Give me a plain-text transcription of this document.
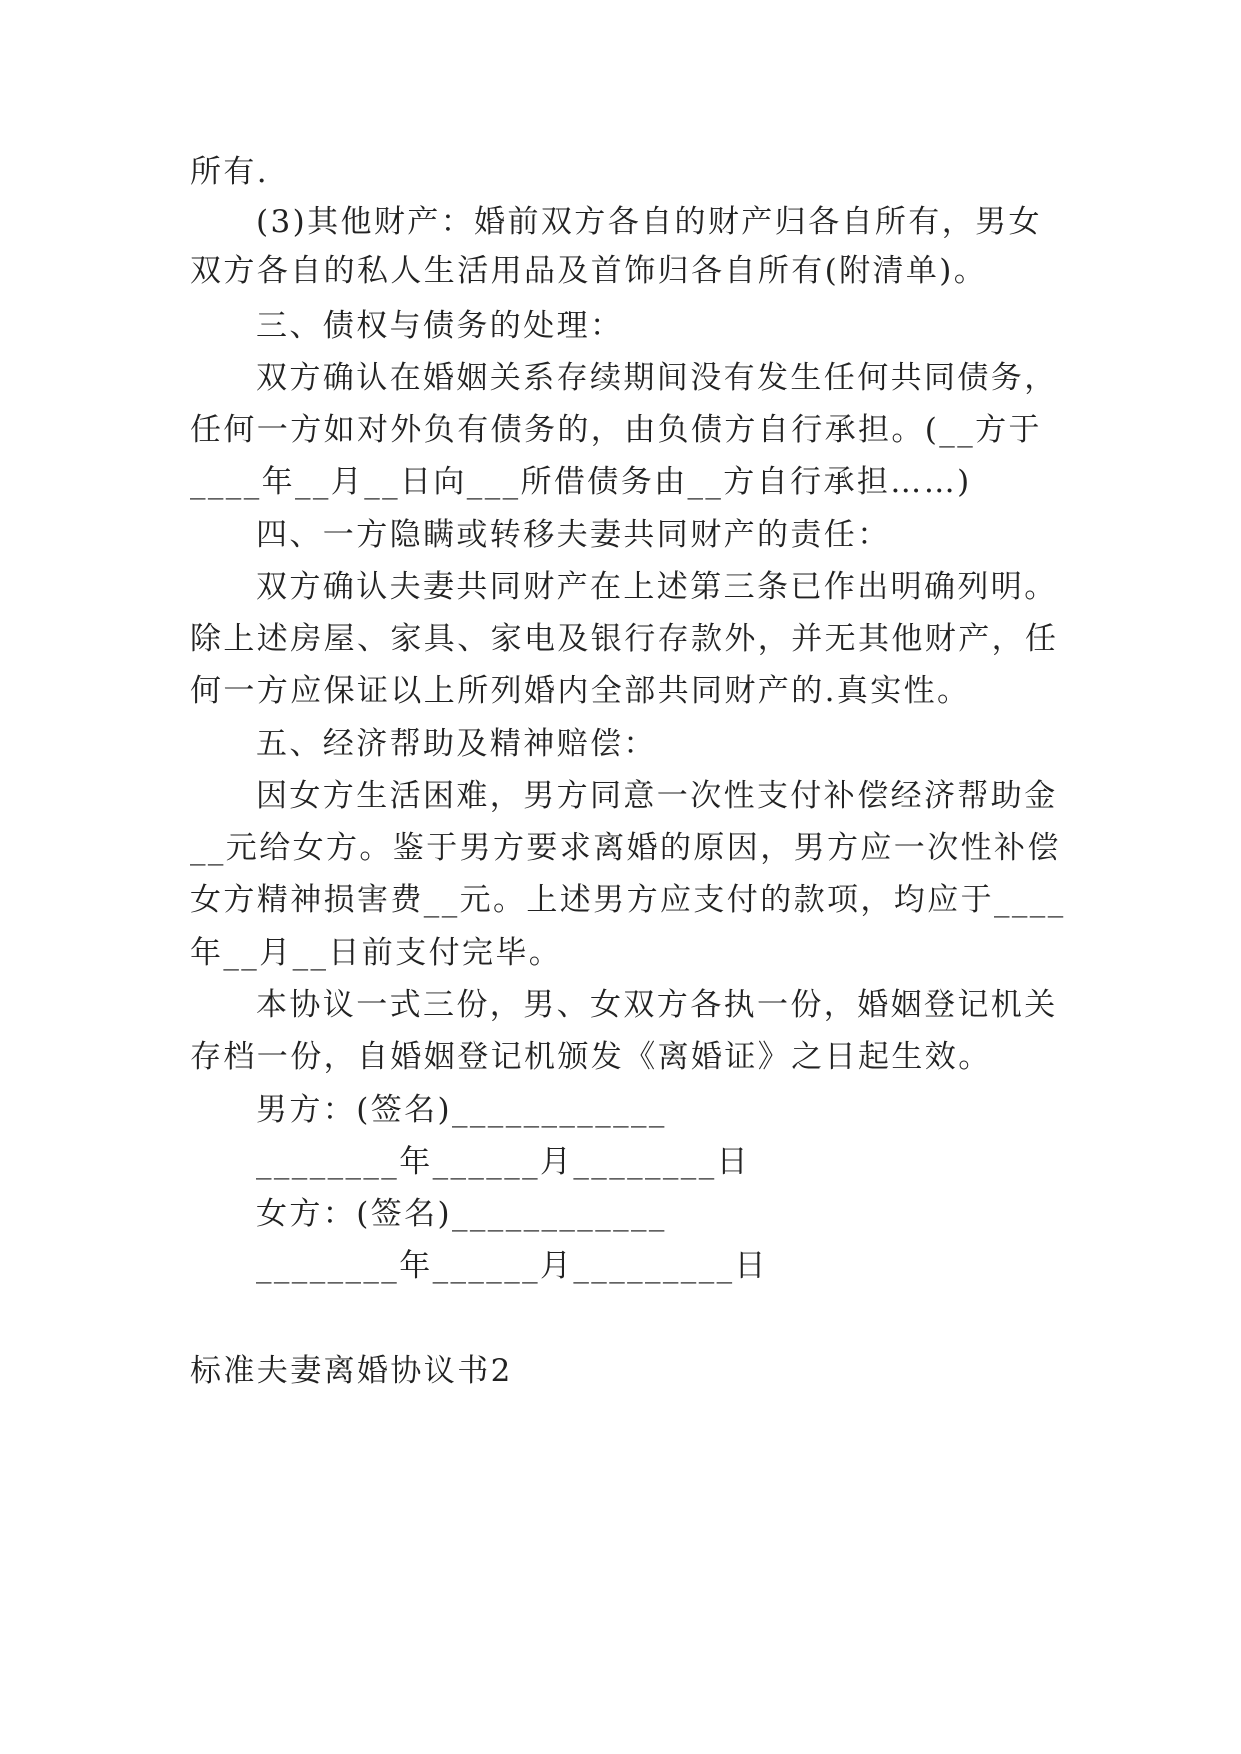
所有.
(3)其他财产：婚前双方各自的财产归各自所有，男女
双方各自的私人生活用品及首饰归各自所有(附清单)。
三、债权与债务的处理：
双方确认在婚姻关系存续期间没有发生任何共同债务，
任何一方如对外负有债务的，由负债方自行承担。(__方于
____年__月__日向___所借债务由__方自行承担……)
四、一方隐瞒或转移夫妻共同财产的责任：
双方确认夫妻共同财产在上述第三条已作出明确列明。
除上述房屋、家具、家电及银行存款外，并无其他财产，任
何一方应保证以上所列婚内全部共同财产的.真实性。
五、经济帮助及精神赔偿：
因女方生活困难，男方同意一次性支付补偿经济帮助金
__元给女方。鉴于男方要求离婚的原因，男方应一次性补偿
女方精神损害费__元。上述男方应支付的款项，均应于____
年__月__日前支付完毕。
本协议一式三份，男、女双方各执一份，婚姻登记机关
存档一份，自婚姻登记机颁发《离婚证》之日起生效。
男方：(签名)____________
________年______月________日
女方：(签名)____________
________年______月_________日
标准夫妻离婚协议书2
